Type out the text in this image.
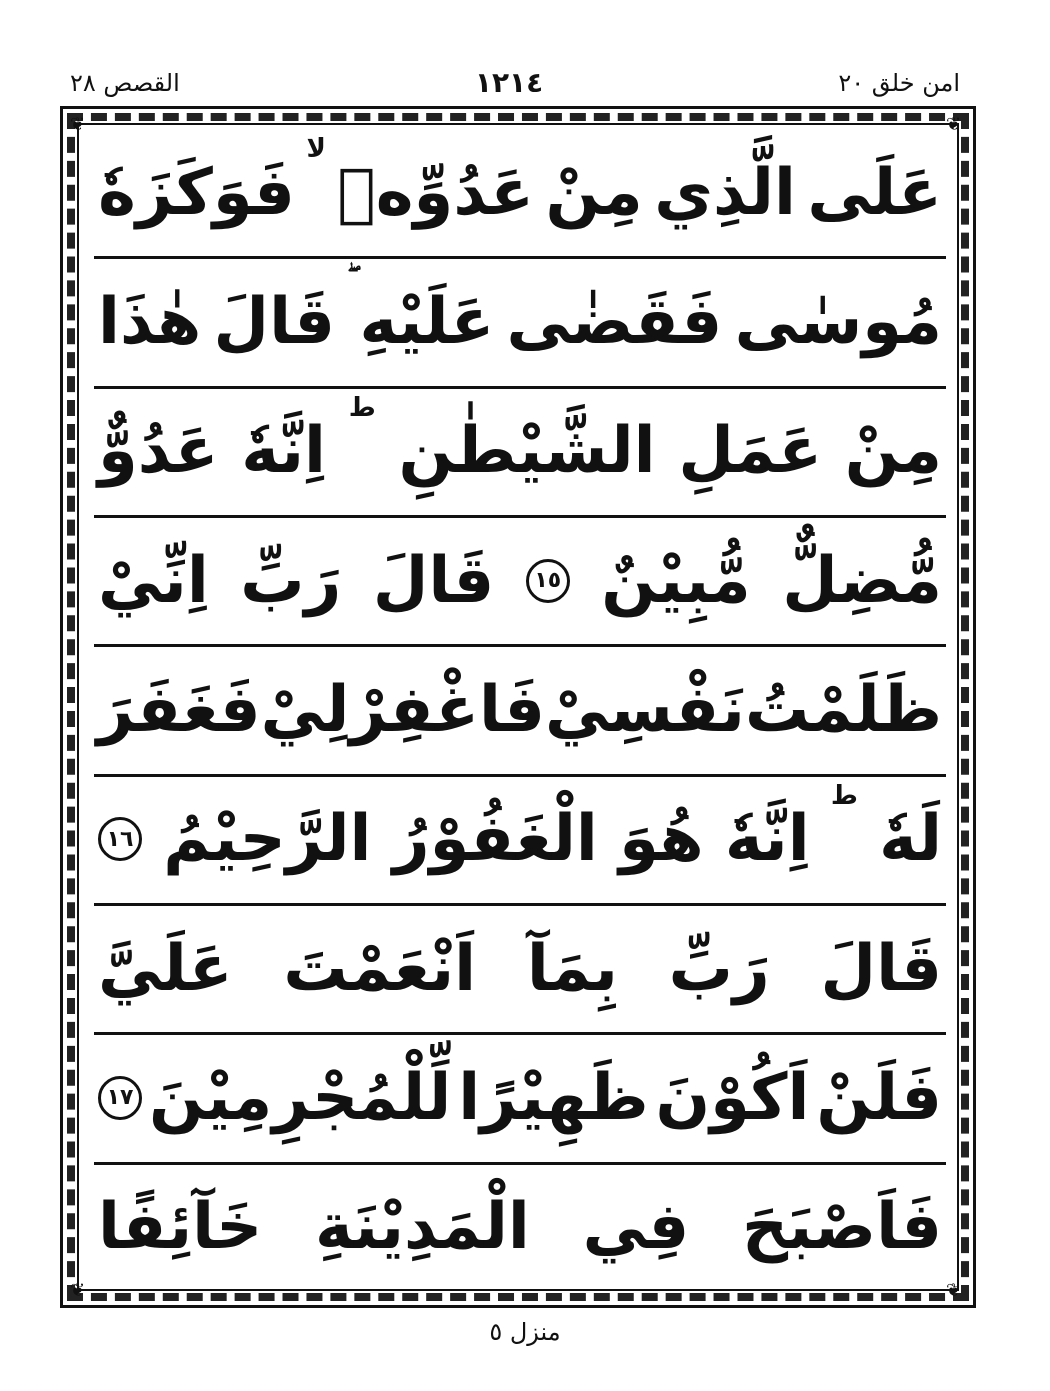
امن خلق ٢٠
١٢١٤
القصص ٢٨
❦	❦
❦	❦
عَلَى
الَّذِي
مِنْ
عَدُوِّهٖ
لا
فَوَكَزَهٗ
مُوسٰى
فَقَضٰى
عَلَيْهِ
قَالَ
هٰذَا
مِنْ
عَمَلِ
الشَّيْطٰنِ
ط
اِنَّهٗ
عَدُوٌّ
مُّضِلٌّ
مُّبِيْنٌ
١٥
قَالَ
رَبِّ
اِنِّيْ
ظَلَمْتُ
نَفْسِيْ
فَاغْفِرْ
لِيْ
فَغَفَرَ
لَهٗ
ط
اِنَّهٗ
هُوَ
الْغَفُوْرُ
الرَّحِيْمُ
١٦
قَالَ
رَبِّ
بِمَآ
اَنْعَمْتَ
عَلَيَّ
فَلَنْ
اَكُوْنَ
ظَهِيْرًا
لِّلْمُجْرِمِيْنَ
١٧
فَاَصْبَحَ
فِي
الْمَدِيْنَةِ
خَآئِفًا
منزل ٥
